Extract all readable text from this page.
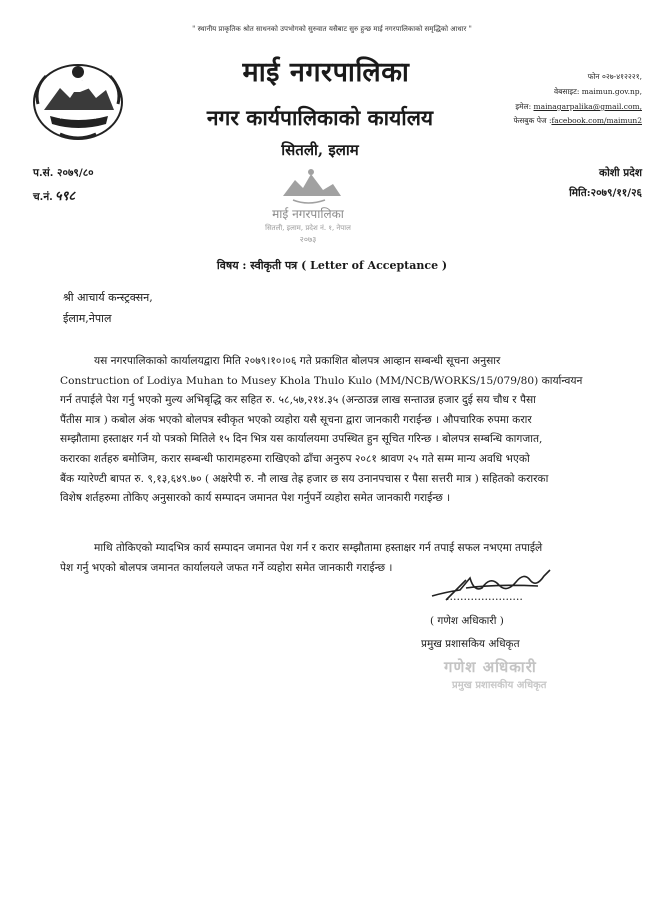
" स्थानीय प्राकृतिक श्रोत साधनको उपभोगको सुरुवात यसैबाट सुरु हुन्छ माई नगरपालिकाको समृद्धिको आधार "
माई नगरपालिका
नगर कार्यपालिकाको कार्यालय
सितली, इलाम
फोन ०२७-४१२२२१,
वेबसाइट: maimun.gov.np,
इमेल: mainagarpalika@gmail.com,
फेसबुक पेज :facebook.com/maimun2
प.सं. २०७९/८०
च.नं. ५९८
कोशी प्रदेश
मिति:२०७९/११/२६
माई नगरपालिका
सितली, इलाम, प्रदेश नं. १, नेपाल
२०७३
विषय : स्वीकृती पत्र ( Letter of Acceptance )
श्री आचार्य कन्स्ट्रक्सन,
ईलाम,नेपाल
यस नगरपालिकाको कार्यालयद्वारा मिति २०७९।१०।०६ गते प्रकाशित बोलपत्र आव्हान सम्बन्धी सूचना अनुसार
Construction of Lodiya Muhan to Musey Khola Thulo Kulo (MM/NCB/WORKS/15/079/80) कार्यान्वयन
गर्न तपाईले पेश गर्नु भएको मुल्य अभिबृद्धि कर सहित रु. ५८,५७,२१४.३५ (अन्ठाउन्न लाख सन्ताउन्न हजार दुई सय चौध र पैसा
पैंतीस मात्र ) कबोल अंक भएको बोलपत्र स्वीकृत भएको व्यहोरा यसै सूचना द्वारा जानकारी गराईन्छ । औपचारिक रुपमा करार
सम्झौतामा हस्ताक्षर गर्न यो पत्रको मितिले १५ दिन भित्र यस कार्यालयमा उपस्थित हुन सूचित गरिन्छ । बोलपत्र सम्बन्धि कागजात,
करारका शर्तहरु बमोजिम, करार सम्बन्धी फारामहरुमा राखिएको ढाँचा अनुरुप २०८१ श्रावण २५ गते सम्म मान्य अवधि भएको
बैंक ग्यारेण्टी बापत रु. ९,१३,६४९.७० ( अक्षरेपी रु. नौ लाख तेह्र हजार छ सय उनानपचास र पैसा सत्तरी मात्र ) सहितको करारका
विशेष शर्तहरुमा तोकिए अनुसारको कार्य सम्पादन जमानत पेश गर्नुपर्ने व्यहोरा समेत जानकारी गराईन्छ ।
माथि तोकिएको म्यादभित्र कार्य सम्पादन जमानत पेश गर्न र करार सम्झौतामा हस्ताक्षर गर्न तपाई सफल नभएमा तपाईले
पेश गर्नु भएको बोलपत्र जमानत कार्यालयले जफत गर्ने व्यहोरा समेत जानकारी गराईन्छ ।
......................
( गणेश अधिकारी )
प्रमुख प्रशासकिय अधिकृत
गणेश अधिकारी
प्रमुख प्रशासकीय अधिकृत
